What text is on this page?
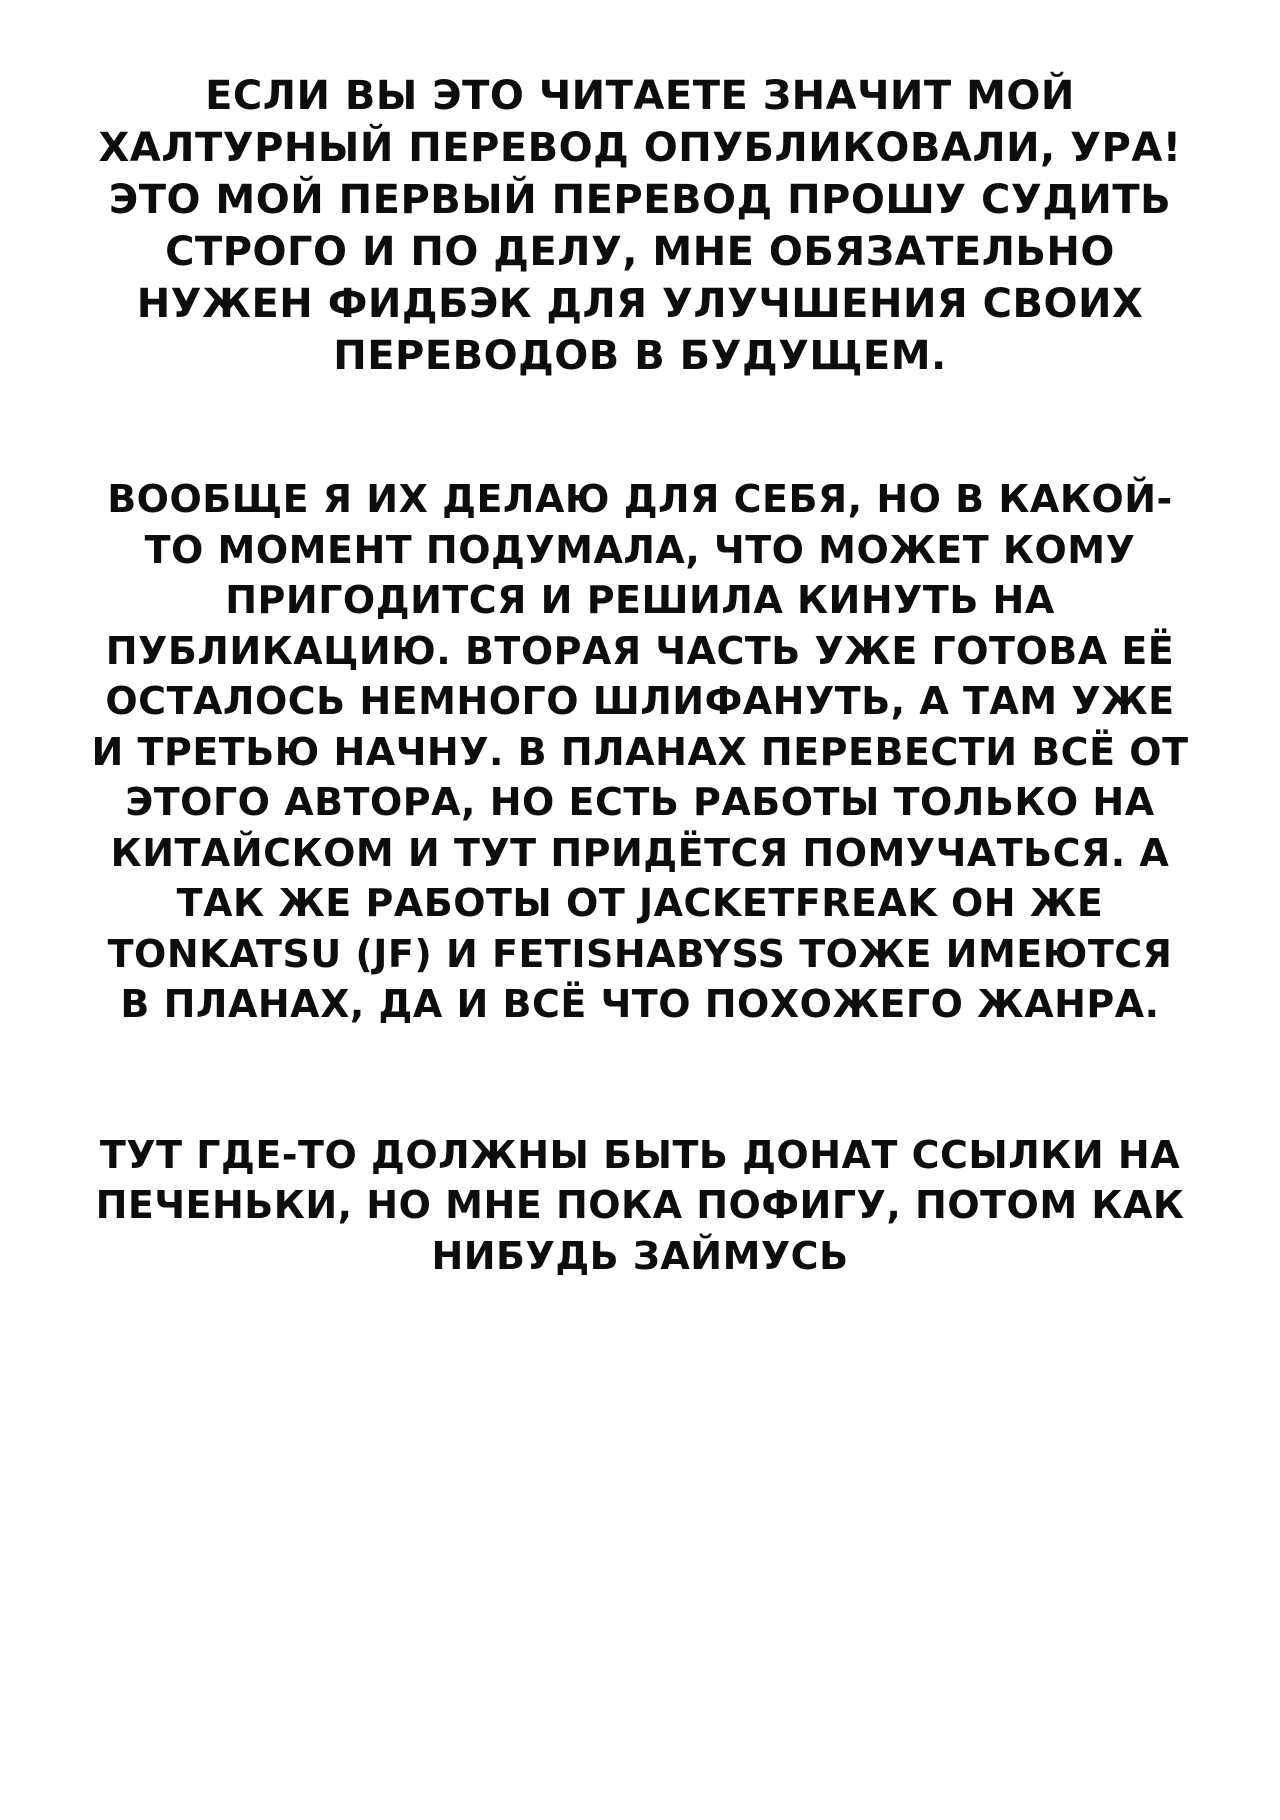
ЕСЛИ ВЫ ЭТО ЧИТАЕТЕ ЗНАЧИТ МОЙ ХАЛТУРНЫЙ ПЕРЕВОД ОПУБЛИКОВАЛИ, УРА! ЭТО МОЙ ПЕРВЫЙ ПЕРЕВОД ПРОШУ СУДИТЬ СТРОГО И ПО ДЕЛУ, МНЕ ОБЯЗАТЕЛЬНО НУЖЕН ФИДБЭК ДЛЯ УЛУЧШЕНИЯ СВОИХ ПЕРЕВОДОВ В БУДУЩЕМ.

ВООБЩЕ Я ИХ ДЕЛАЮ ДЛЯ СЕБЯ, НО В КАКОЙ-ТО МОМЕНТ ПОДУМАЛА, ЧТО МОЖЕТ КОМУ ПРИГОДИТСЯ И РЕШИЛА КИНУТЬ НА ПУБЛИКАЦИЮ. ВТОРАЯ ЧАСТЬ УЖЕ ГОТОВА ЕЁ ОСТАЛОСЬ НЕМНОГО ШЛИФАНУТЬ, А ТАМ УЖЕ И ТРЕТЬЮ НАЧНУ. В ПЛАНАХ ПЕРЕВЕСТИ ВСЁ ОТ ЭТОГО АВТОРА, НО ЕСТЬ РАБОТЫ ТОЛЬКО НА КИТАЙСКОМ И ТУТ ПРИДЁТСЯ ПОМУЧАТЬСЯ. А ТАК ЖЕ РАБОТЫ ОТ JACKETFREAK ОН ЖЕ TONKATSU (JF) И FETISHABYSS ТОЖЕ ИМЕЮТСЯ В ПЛАНАХ, ДА И ВСЁ ЧТО ПОХОЖЕГО ЖАНРА.

ТУТ ГДЕ-ТО ДОЛЖНЫ БЫТЬ ДОНАТ ССЫЛКИ НА ПЕЧЕНЬКИ, НО МНЕ ПОКА ПОФИГУ, ПОТОМ КАК НИБУДЬ ЗАЙМУСЬ
